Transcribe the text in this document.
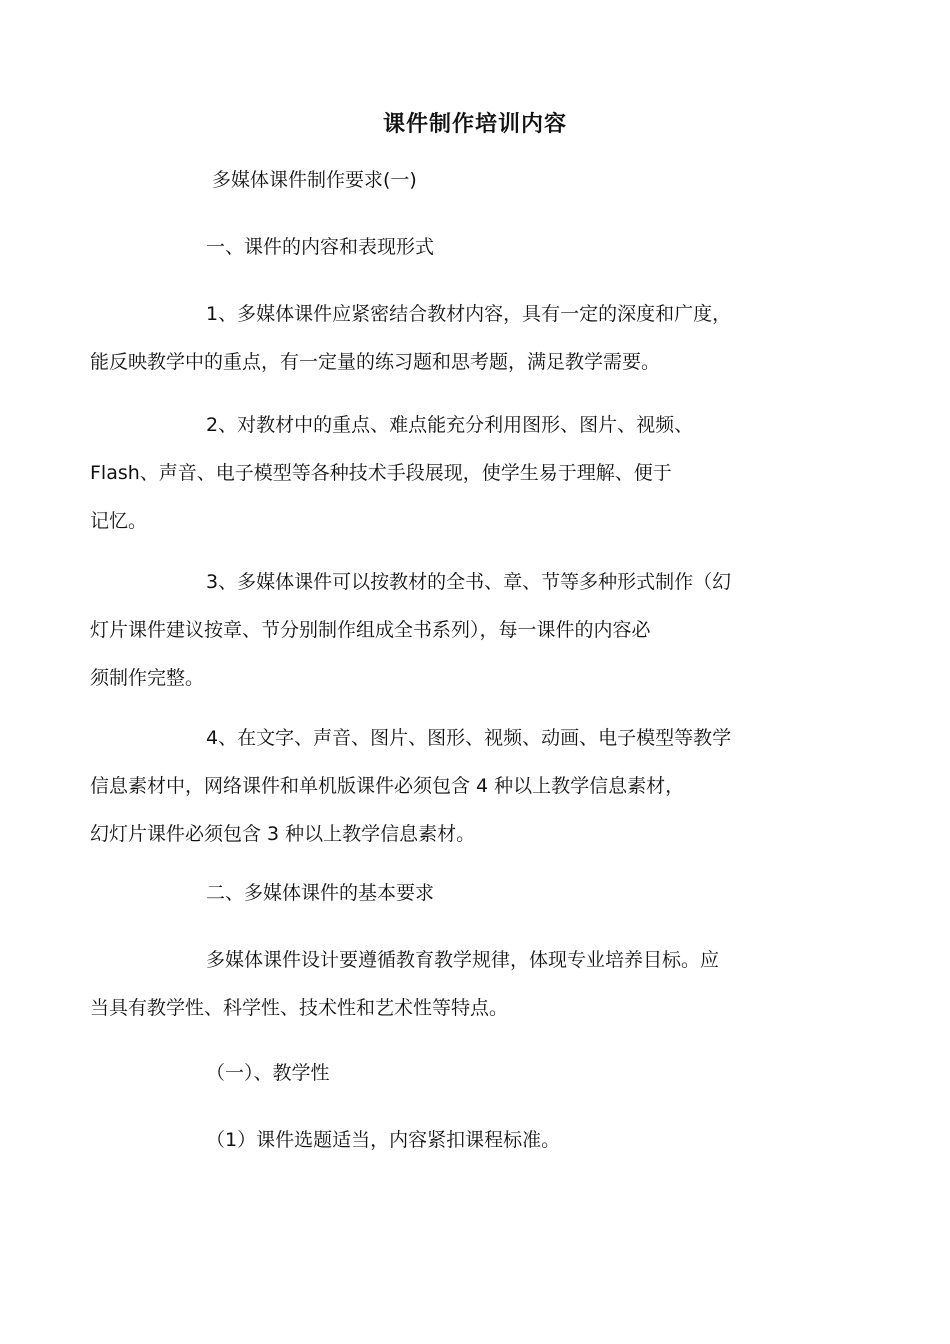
课件制作培训内容
多媒体课件制作要求(一)
一、课件的内容和表现形式
1、多媒体课件应紧密结合教材内容，具有一定的深度和广度，
能反映教学中的重点，有一定量的练习题和思考题，满足教学需要。
2、对教材中的重点、难点能充分利用图形、图片、视频、
Flash、声音、电子模型等各种技术手段展现，使学生易于理解、便于
记忆。
3、多媒体课件可以按教材的全书、章、节等多种形式制作（幻
灯片课件建议按章、节分别制作组成全书系列），每一课件的内容必
须制作完整。
4、在文字、声音、图片、图形、视频、动画、电子模型等教学
信息素材中，网络课件和单机版课件必须包含 4 种以上教学信息素材，
幻灯片课件必须包含 3 种以上教学信息素材。
二、多媒体课件的基本要求
多媒体课件设计要遵循教育教学规律，体现专业培养目标。应
当具有教学性、科学性、技术性和艺术性等特点。
（一）、教学性
（1）课件选题适当，内容紧扣课程标准。
